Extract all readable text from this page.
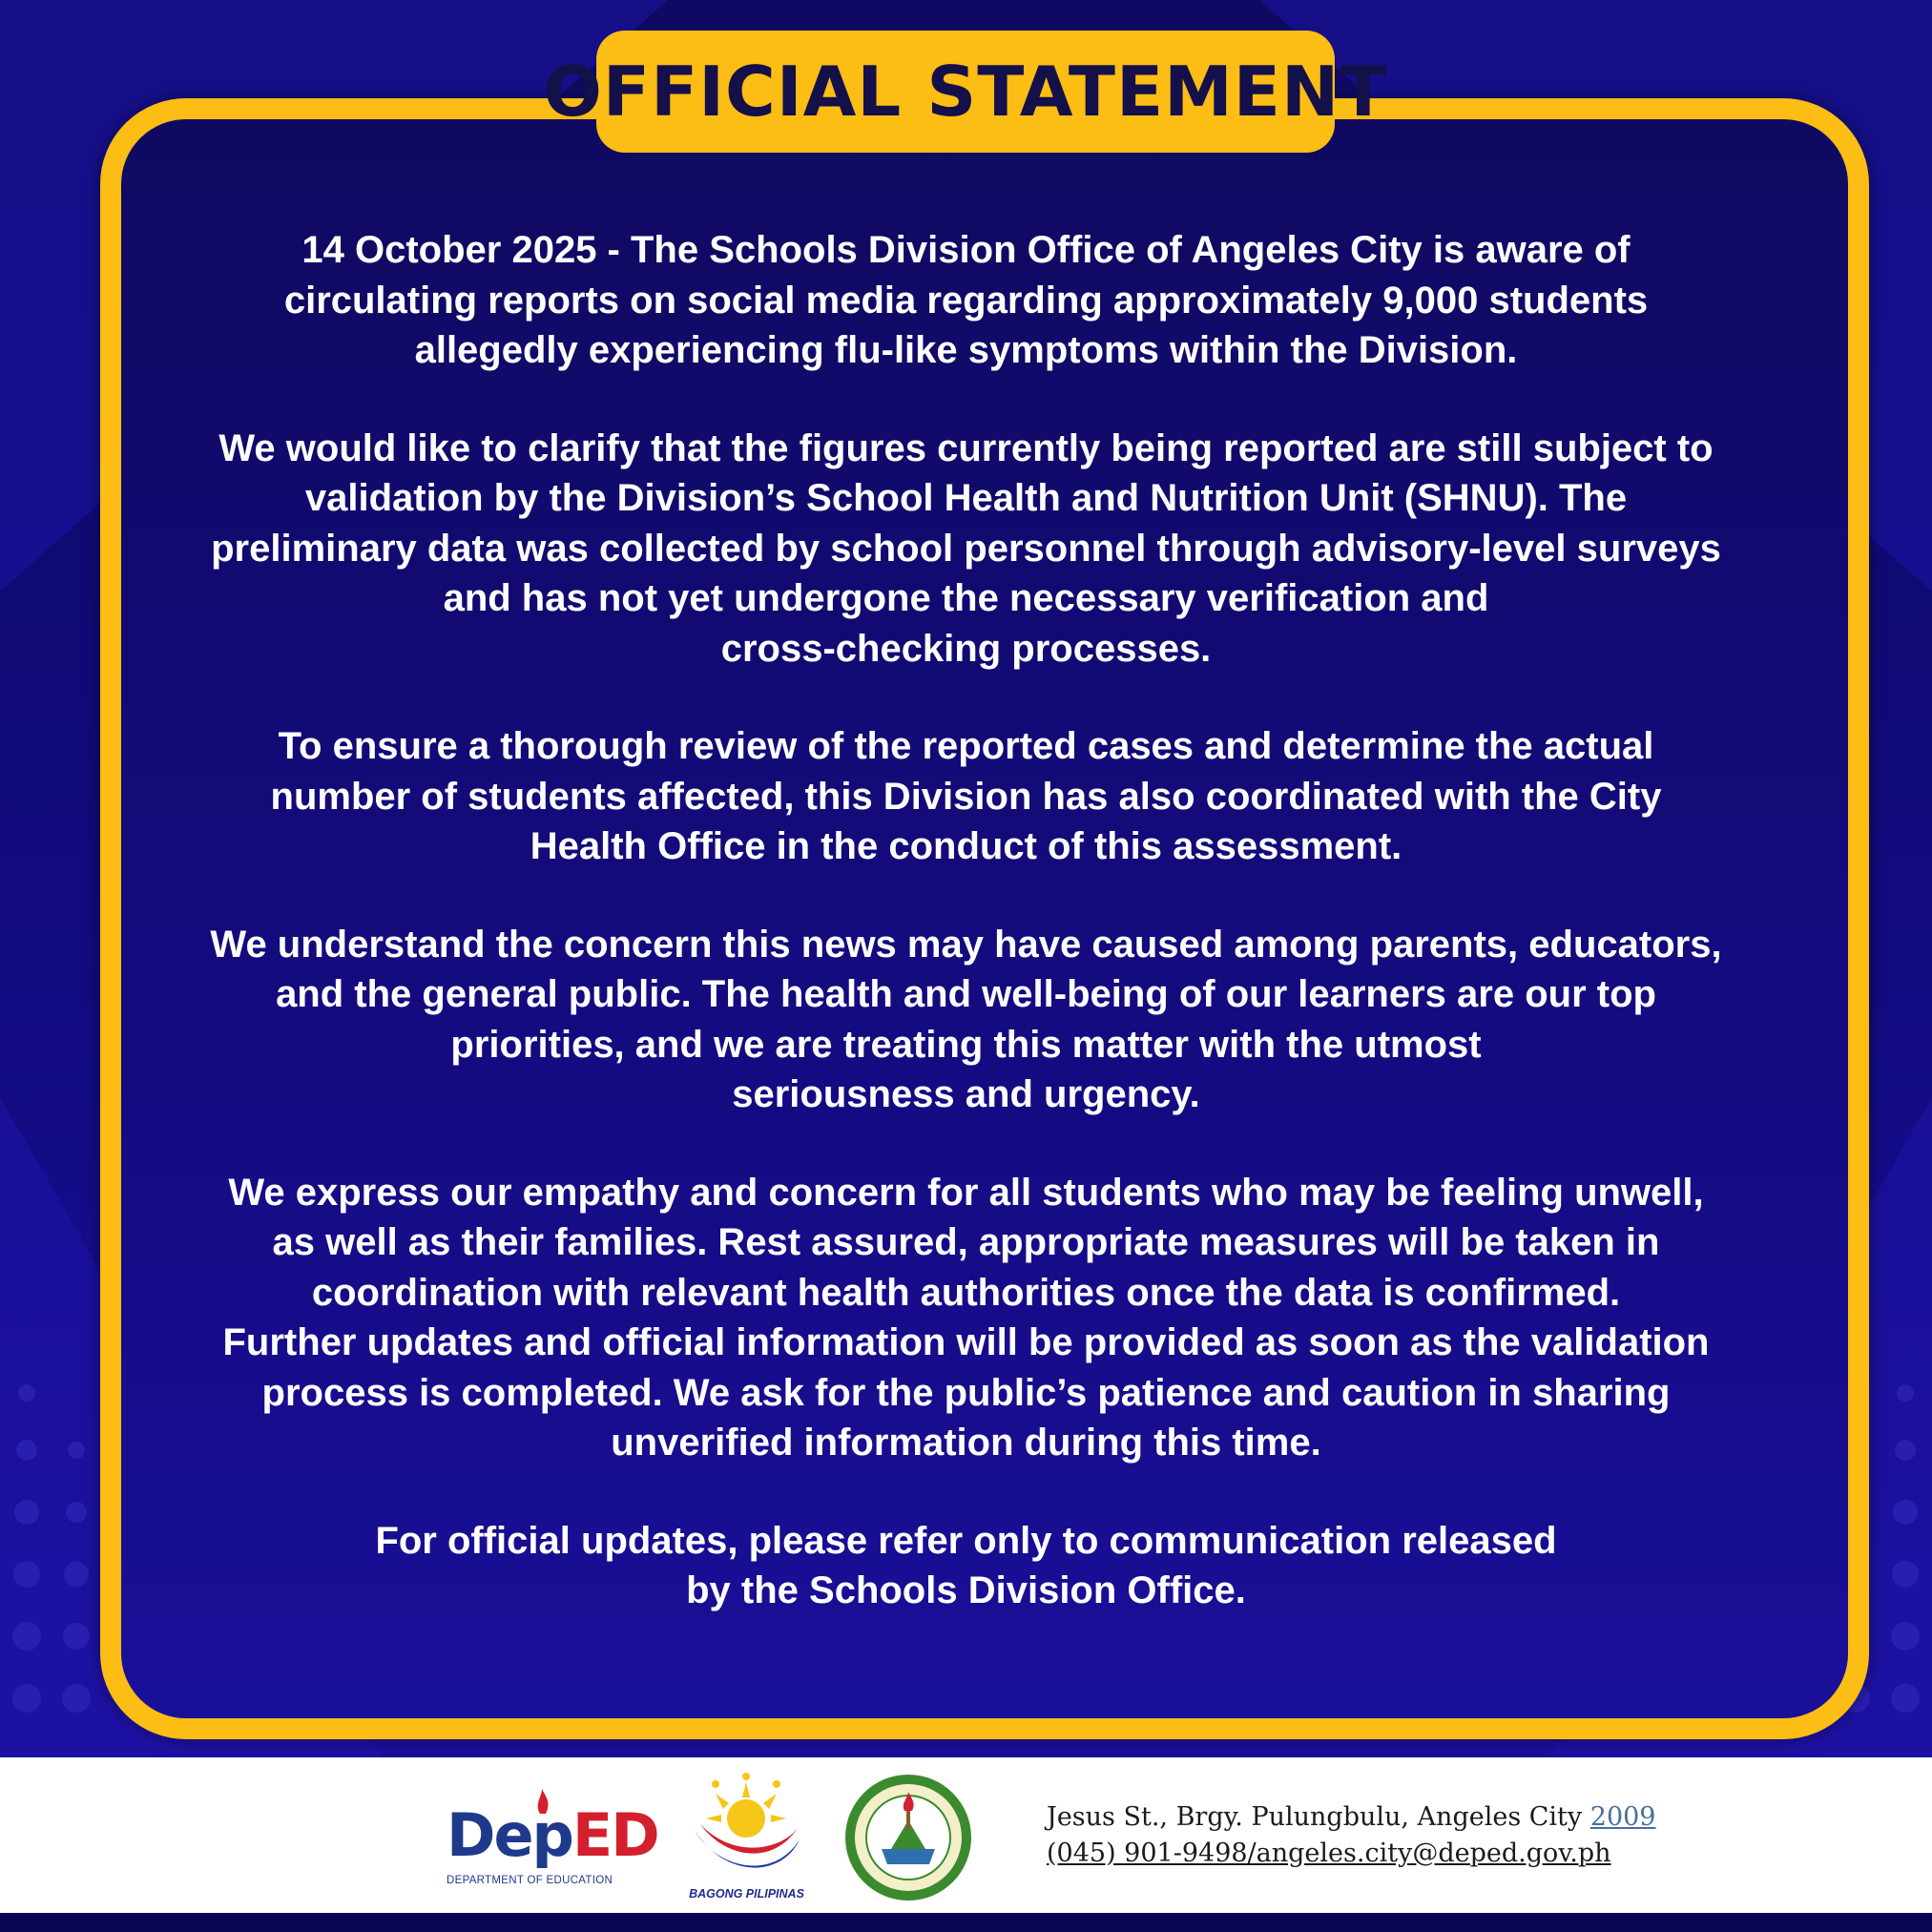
OFFICIAL STATEMENT

14 October 2025 - The Schools Division Office of Angeles City is aware of
circulating reports on social media regarding approximately 9,000 students
allegedly experiencing flu-like symptoms within the Division.

We would like to clarify that the figures currently being reported are still subject to
validation by the Division’s School Health and Nutrition Unit (SHNU). The
preliminary data was collected by school personnel through advisory-level surveys
and has not yet undergone the necessary verification and
cross-checking processes.

To ensure a thorough review of the reported cases and determine the actual
number of students affected, this Division has also coordinated with the City
Health Office in the conduct of this assessment.

We understand the concern this news may have caused among parents, educators,
and the general public. The health and well-being of our learners are our top
priorities, and we are treating this matter with the utmost
seriousness and urgency.

We express our empathy and concern for all students who may be feeling unwell,
as well as their families. Rest assured, appropriate measures will be taken in
coordination with relevant health authorities once the data is confirmed.
Further updates and official information will be provided as soon as the validation
process is completed. We ask for the public’s patience and caution in sharing
unverified information during this time.

For official updates, please refer only to communication released
by the Schools Division Office.

DepED
DEPARTMENT OF EDUCATION
BAGONG PILIPINAS
Jesus St., Brgy. Pulungbulu, Angeles City 2009
(045) 901-9498/angeles.city@deped.gov.ph
